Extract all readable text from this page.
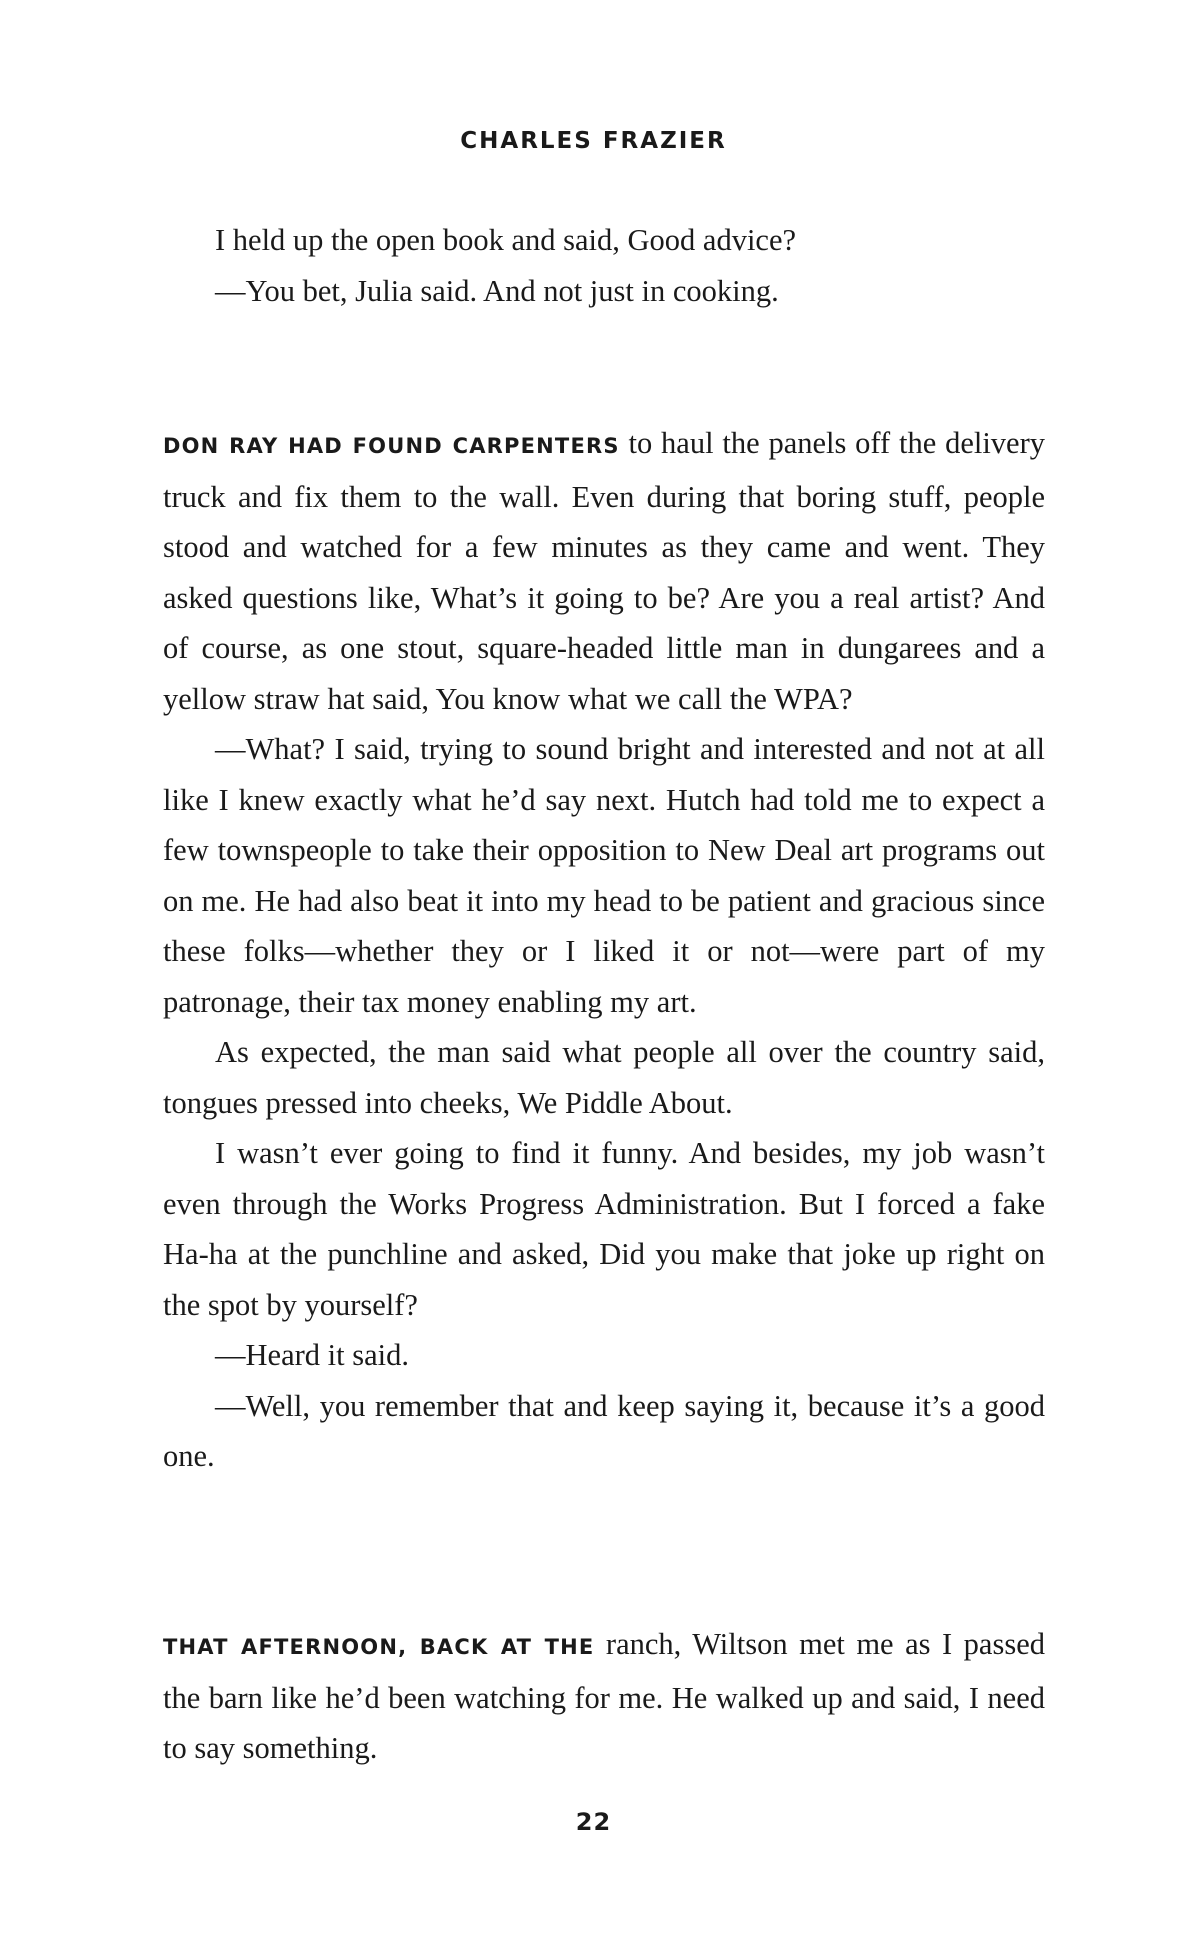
CHARLES FRAZIER

I held up the open book and said, Good advice?

—You bet, Julia said. And not just in cooking.

DON RAY HAD FOUND CARPENTERS to haul the panels off the delivery truck and fix them to the wall. Even during that boring stuff, people stood and watched for a few minutes as they came and went. They asked questions like, What’s it going to be? Are you a real artist? And of course, as one stout, square-headed little man in dungarees and a yellow straw hat said, You know what we call the WPA?

—What? I said, trying to sound bright and interested and not at all like I knew exactly what he’d say next. Hutch had told me to expect a few townspeople to take their opposition to New Deal art programs out on me. He had also beat it into my head to be patient and gracious since these folks—whether they or I liked it or not—were part of my patronage, their tax money enabling my art.

As expected, the man said what people all over the country said, tongues pressed into cheeks, We Piddle About.

I wasn’t ever going to find it funny. And besides, my job wasn’t even through the Works Progress Administration. But I forced a fake Ha-ha at the punchline and asked, Did you make that joke up right on the spot by yourself?

—Heard it said.

—Well, you remember that and keep saying it, because it’s a good one.

THAT AFTERNOON, BACK AT THE ranch, Wiltson met me as I passed the barn like he’d been watching for me. He walked up and said, I need to say something.

22
